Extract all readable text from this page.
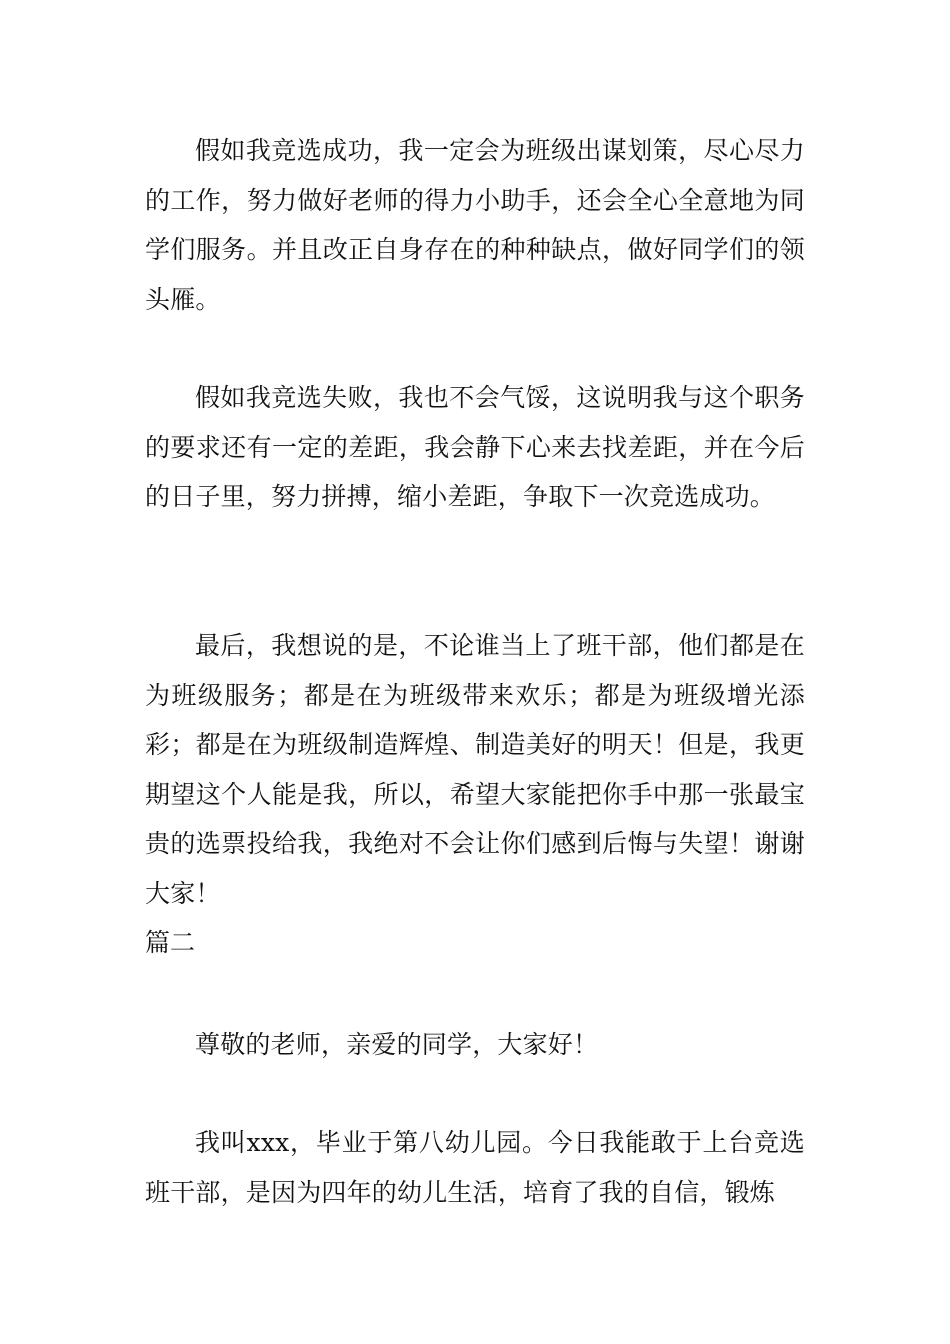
假如我竞选成功，我一定会为班级出谋划策，尽心尽力的工作，努力做好老师的得力小助手，还会全心全意地为同学们服务。并且改正自身存在的种种缺点，做好同学们的领头雁。

假如我竞选失败，我也不会气馁，这说明我与这个职务的要求还有一定的差距，我会静下心来去找差距，并在今后的日子里，努力拼搏，缩小差距，争取下一次竞选成功。

最后，我想说的是，不论谁当上了班干部，他们都是在为班级服务；都是在为班级带来欢乐；都是为班级增光添彩；都是在为班级制造辉煌、制造美好的明天！但是，我更期望这个人能是我，所以，希望大家能把你手中那一张最宝贵的选票投给我，我绝对不会让你们感到后悔与失望！谢谢大家！

篇二

尊敬的老师，亲爱的同学，大家好！

我叫xxx，毕业于第八幼儿园。今日我能敢于上台竞选班干部，是因为四年的幼儿生活，培育了我的自信，锻炼
